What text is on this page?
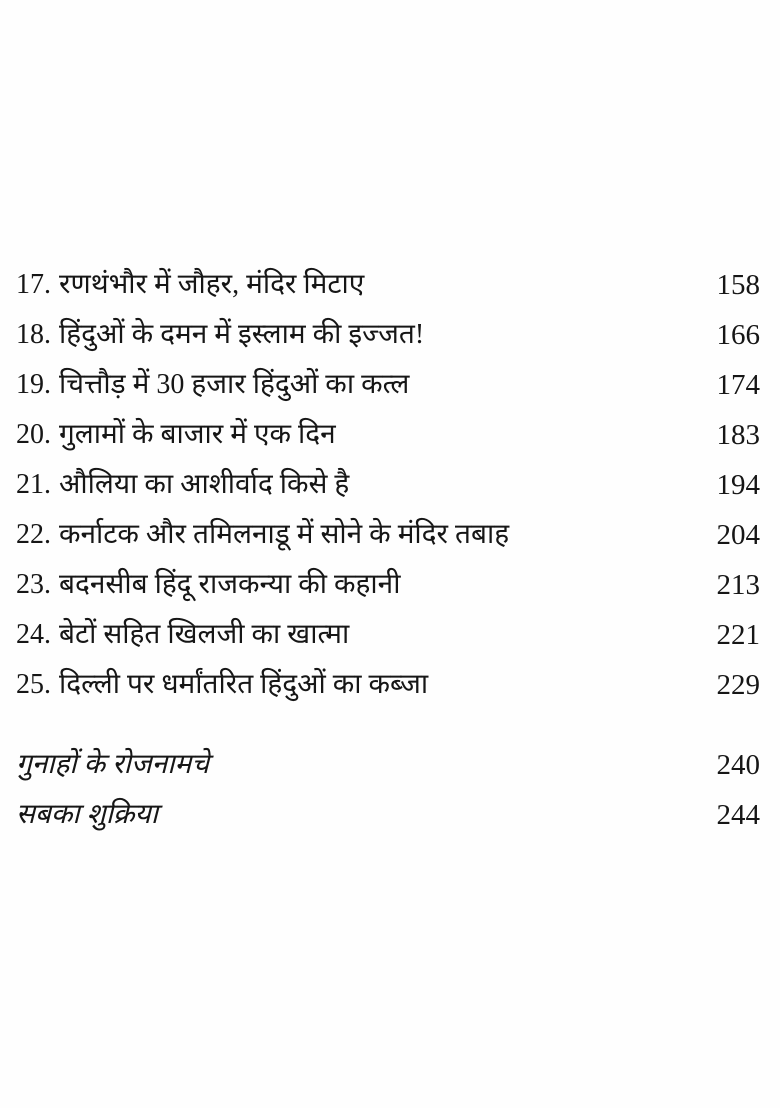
17. रणथंभौर में जौहर, मंदिर मिटाए	158
18. हिंदुओं के दमन में इस्लाम की इज्जत!	166
19. चित्तौड़ में 30 हजार हिंदुओं का कत्ल	174
20. गुलामों के बाजार में एक दिन	183
21. औलिया का आशीर्वाद किसे है	194
22. कर्नाटक और तमिलनाडू में सोने के मंदिर तबाह	204
23. बदनसीब हिंदू राजकन्या की कहानी	213
24. बेटों सहित खिलजी का खात्मा	221
25. दिल्ली पर धर्मांतरित हिंदुओं का कब्जा	229
गुनाहों के रोजनामचे	240
सबका शुक्रिया	244
